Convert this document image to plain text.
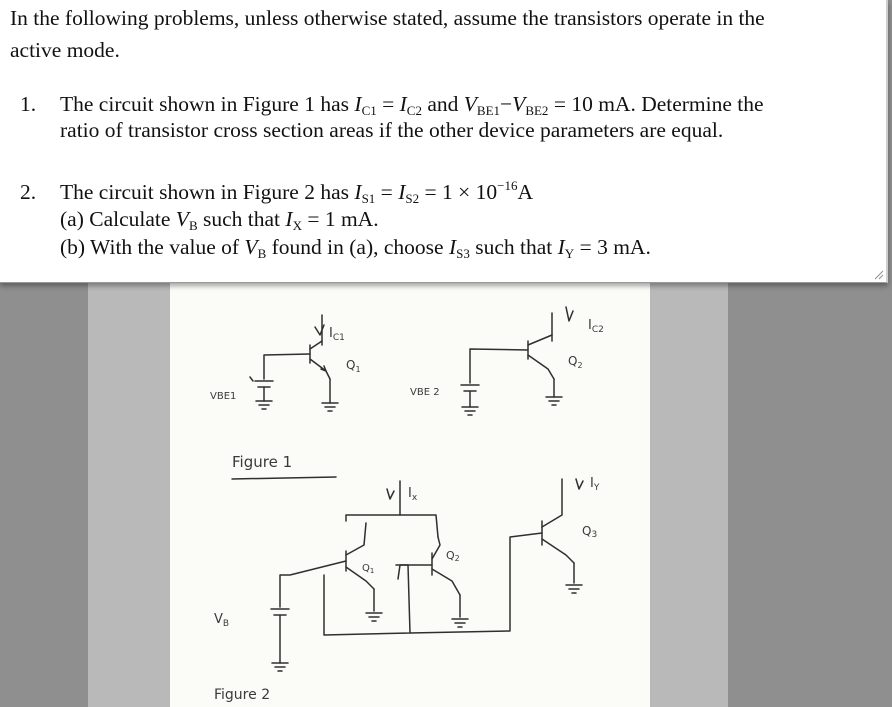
$I_{C1}$
$Q_1$
VBE1
$I_{C2}$
$Q_2$
VBE 2
Figure 1
$I_x$
$I_Y$
$Q_1$
Q2
Q3
$V_B$
Figure 2
In the following problems, unless otherwise stated, assume the transistors operate in the
active mode.
1. The circuit shown in Figure 1 has $I_{C1} = I_{C2}$ and $V_{BE1}-V_{BE2} = 10$ mA. Determine the
ratio of transistor cross section areas if the other device parameters are equal.
2. The circuit shown in Figure 2 has $I_{S1} = I_{S2} = 1 \times 10^{-16}A$
(a) Calculate $V_B$ such that $I_X = 1$ mA.
(b) With the value of $V_B$ found in (a), choose $I_{S3}$ such that $I_Y = 3$ mA.
